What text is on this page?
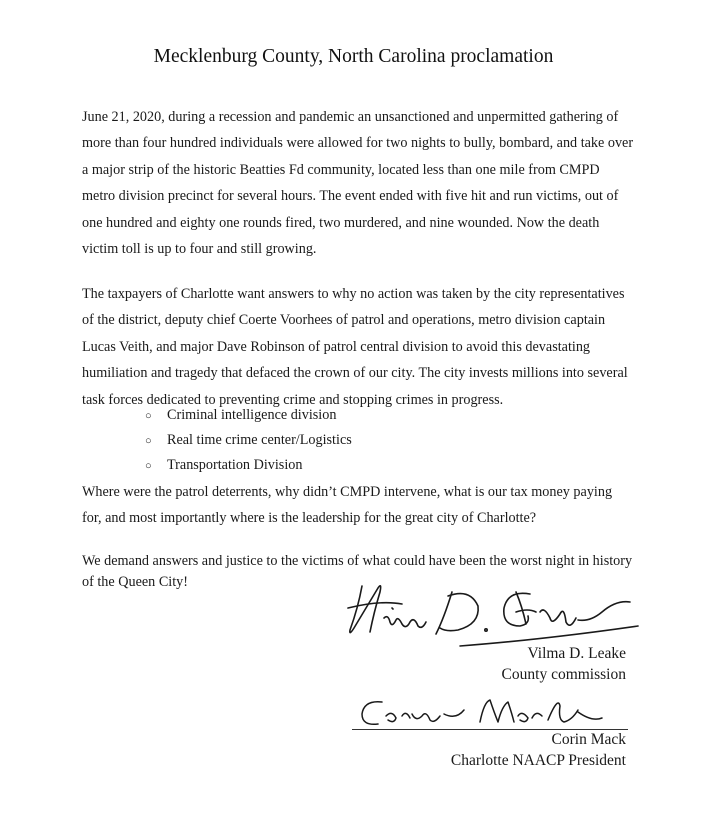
Mecklenburg County, North Carolina proclamation
June 21, 2020, during a recession and pandemic an unsanctioned and unpermitted gathering of
more than four hundred individuals were allowed for two nights to bully, bombard, and take over
a major strip of the historic Beatties Fd community, located less than one mile from CMPD
metro division precinct for several hours. The event ended with five hit and run victims, out of
one hundred and eighty one rounds fired, two murdered, and nine wounded. Now the death
victim toll is up to four and still growing.
The taxpayers of Charlotte want answers to why no action was taken by the city representatives
of the district, deputy chief Coerte Voorhees of patrol and operations, metro division captain
Lucas Veith, and major Dave Robinson of patrol central division to avoid this devastating
humiliation and tragedy that defaced the crown of our city. The city invests millions into several
task forces dedicated to preventing crime and stopping crimes in progress.
○ Criminal intelligence division
○ Real time crime center/Logistics
○ Transportation Division
Where were the patrol deterrents, why didn’t CMPD intervene, what is our tax money paying
for, and most importantly where is the leadership for the great city of Charlotte?
We demand answers and justice to the victims of what could have been the worst night in history
of the Queen City!
Vilma D. Leake
County commission
Corin Mack
Charlotte NAACP President
